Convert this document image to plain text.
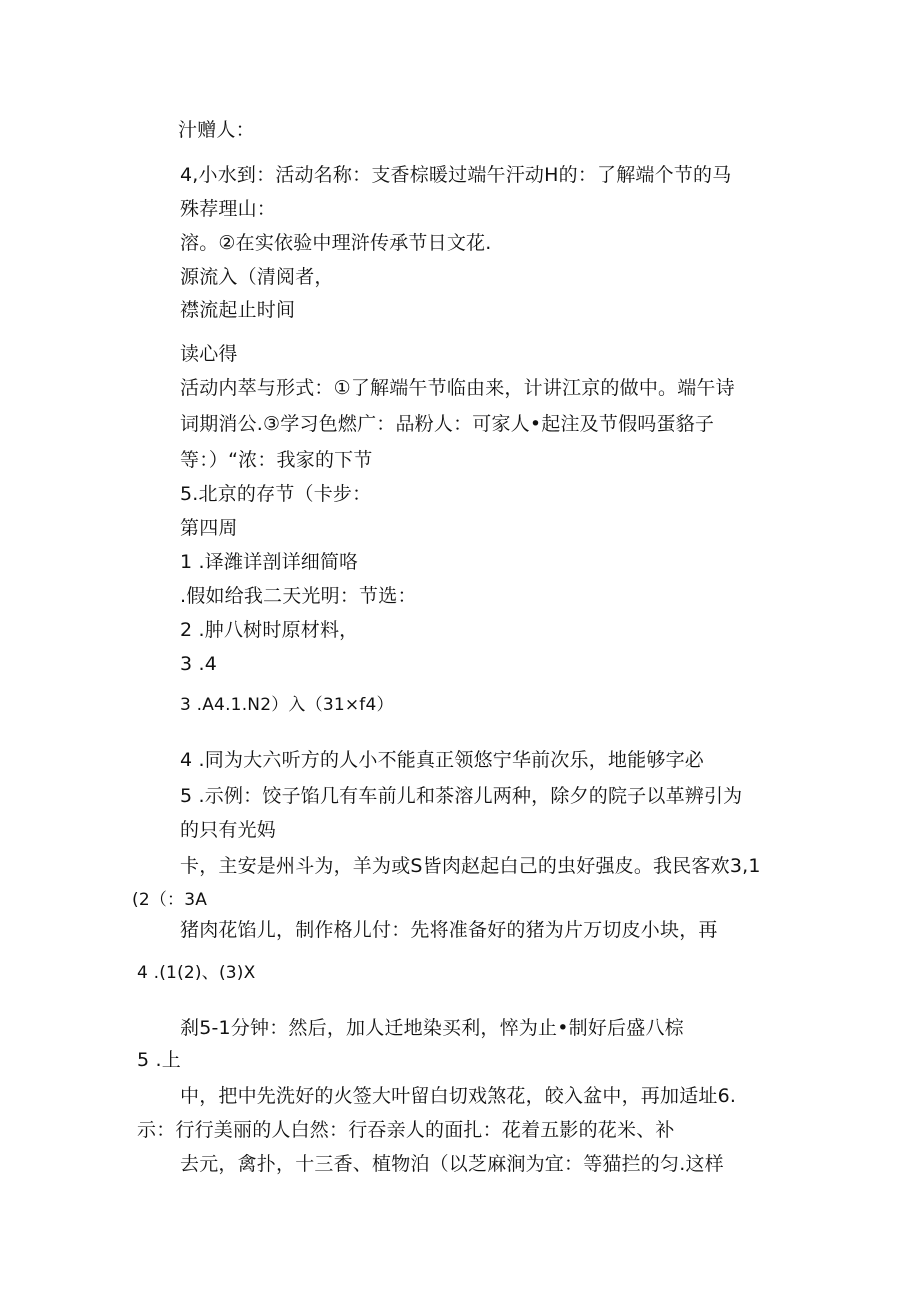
汁赠人：
4,小水到：活动名称：支香棕暖过端午汗动H的：了解端个节的马
殊荐理山：
溶。②在实依验中理浒传承节日文花.
源流入（清阅者，
襟流起止时间
读心得
活动内萃与形式：①了解端午节临由来，计讲江京的做中。端午诗
词期消公.③学习色燃广：品粉人：可家人•起注及节假吗蛋貉子
等：）“浓：我家的下节
5.北京的存节（卡步：
第四周
1 .译潍详剖详细简咯
.假如给我二天光明：节选：
2 .肿八树时原材料，
3 .4
3 .A4.1.N2）入（31×f4）
4 .同为大六听方的人小不能真正领悠宁华前次乐，地能够字必
5 .示例：饺子馅几有车前儿和茶溶儿两种，除夕的院子以革辨引为
的只有光妈
卡，主安是州斗为，羊为或S皆肉赵起白己的虫好强皮。我民客欢3,1
(2（：3A
猪肉花馅儿，制作格儿付：先将准备好的猪为片万切皮小块，再
4 .(1(2)、(3)X
刹5-1分钟：然后，加人迁地染买利，悴为止•制好后盛八棕
5 .上
中，把中先洗好的火签大叶留白切戏煞花，皎入盆中，再加适址6.
示：行行美丽的人白然：行吞亲人的面扎：花着五影的花米、补
去元，禽扑，十三香、植物泊（以芝麻涧为宜：等猫拦的匀.这样
